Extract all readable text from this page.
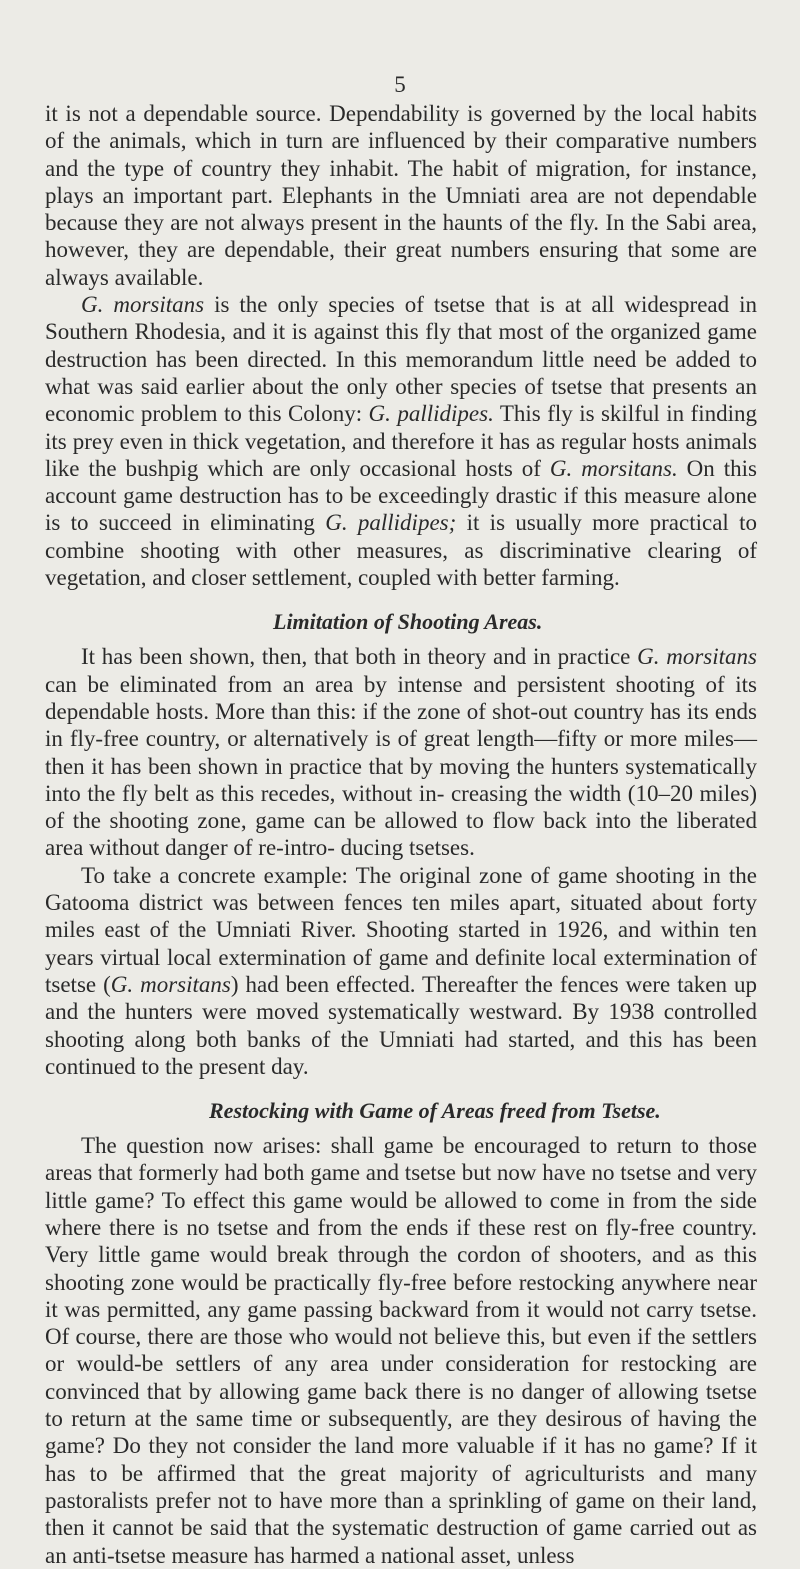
5

it is not a dependable source. Dependability is governed by the local habits of the animals, which in turn are influenced by their comparative numbers and the type of country they inhabit. The habit of migration, for instance, plays an important part. Elephants in the Umniati area are not dependable because they are not always present in the haunts of the fly. In the Sabi area, however, they are dependable, their great numbers ensuring that some are always available.

G. morsitans is the only species of tsetse that is at all widespread in Southern Rhodesia, and it is against this fly that most of the organized game destruction has been directed. In this memorandum little need be added to what was said earlier about the only other species of tsetse that presents an economic problem to this Colony: G. pallidipes. This fly is skilful in finding its prey even in thick vegetation, and therefore it has as regular hosts animals like the bushpig which are only occasional hosts of G. morsitans. On this account game destruction has to be exceedingly drastic if this measure alone is to succeed in eliminating G. pallidipes; it is usually more practical to combine shooting with other measures, as discriminative clearing of vegetation, and closer settlement, coupled with better farming.

Limitation of Shooting Areas.

It has been shown, then, that both in theory and in practice G. morsitans can be eliminated from an area by intense and persistent shooting of its dependable hosts. More than this: if the zone of shot-out country has its ends in fly-free country, or alternatively is of great length—fifty or more miles—then it has been shown in practice that by moving the hunters systematically into the fly belt as this recedes, without in- creasing the width (10–20 miles) of the shooting zone, game can be allowed to flow back into the liberated area without danger of re-intro- ducing tsetses.

To take a concrete example: The original zone of game shooting in the Gatooma district was between fences ten miles apart, situated about forty miles east of the Umniati River. Shooting started in 1926, and within ten years virtual local extermination of game and definite local extermination of tsetse (G. morsitans) had been effected. Thereafter the fences were taken up and the hunters were moved systematically westward. By 1938 controlled shooting along both banks of the Umniati had started, and this has been continued to the present day.

Restocking with Game of Areas freed from Tsetse.

The question now arises: shall game be encouraged to return to those areas that formerly had both game and tsetse but now have no tsetse and very little game? To effect this game would be allowed to come in from the side where there is no tsetse and from the ends if these rest on fly-free country. Very little game would break through the cordon of shooters, and as this shooting zone would be practically fly-free before restocking anywhere near it was permitted, any game passing backward from it would not carry tsetse. Of course, there are those who would not believe this, but even if the settlers or would-be settlers of any area under consideration for restocking are convinced that by allowing game back there is no danger of allowing tsetse to return at the same time or subsequently, are they desirous of having the game? Do they not consider the land more valuable if it has no game? If it has to be affirmed that the great majority of agriculturists and many pastoralists prefer not to have more than a sprinkling of game on their land, then it cannot be said that the systematic destruction of game carried out as an anti-tsetse measure has harmed a national asset, unless
